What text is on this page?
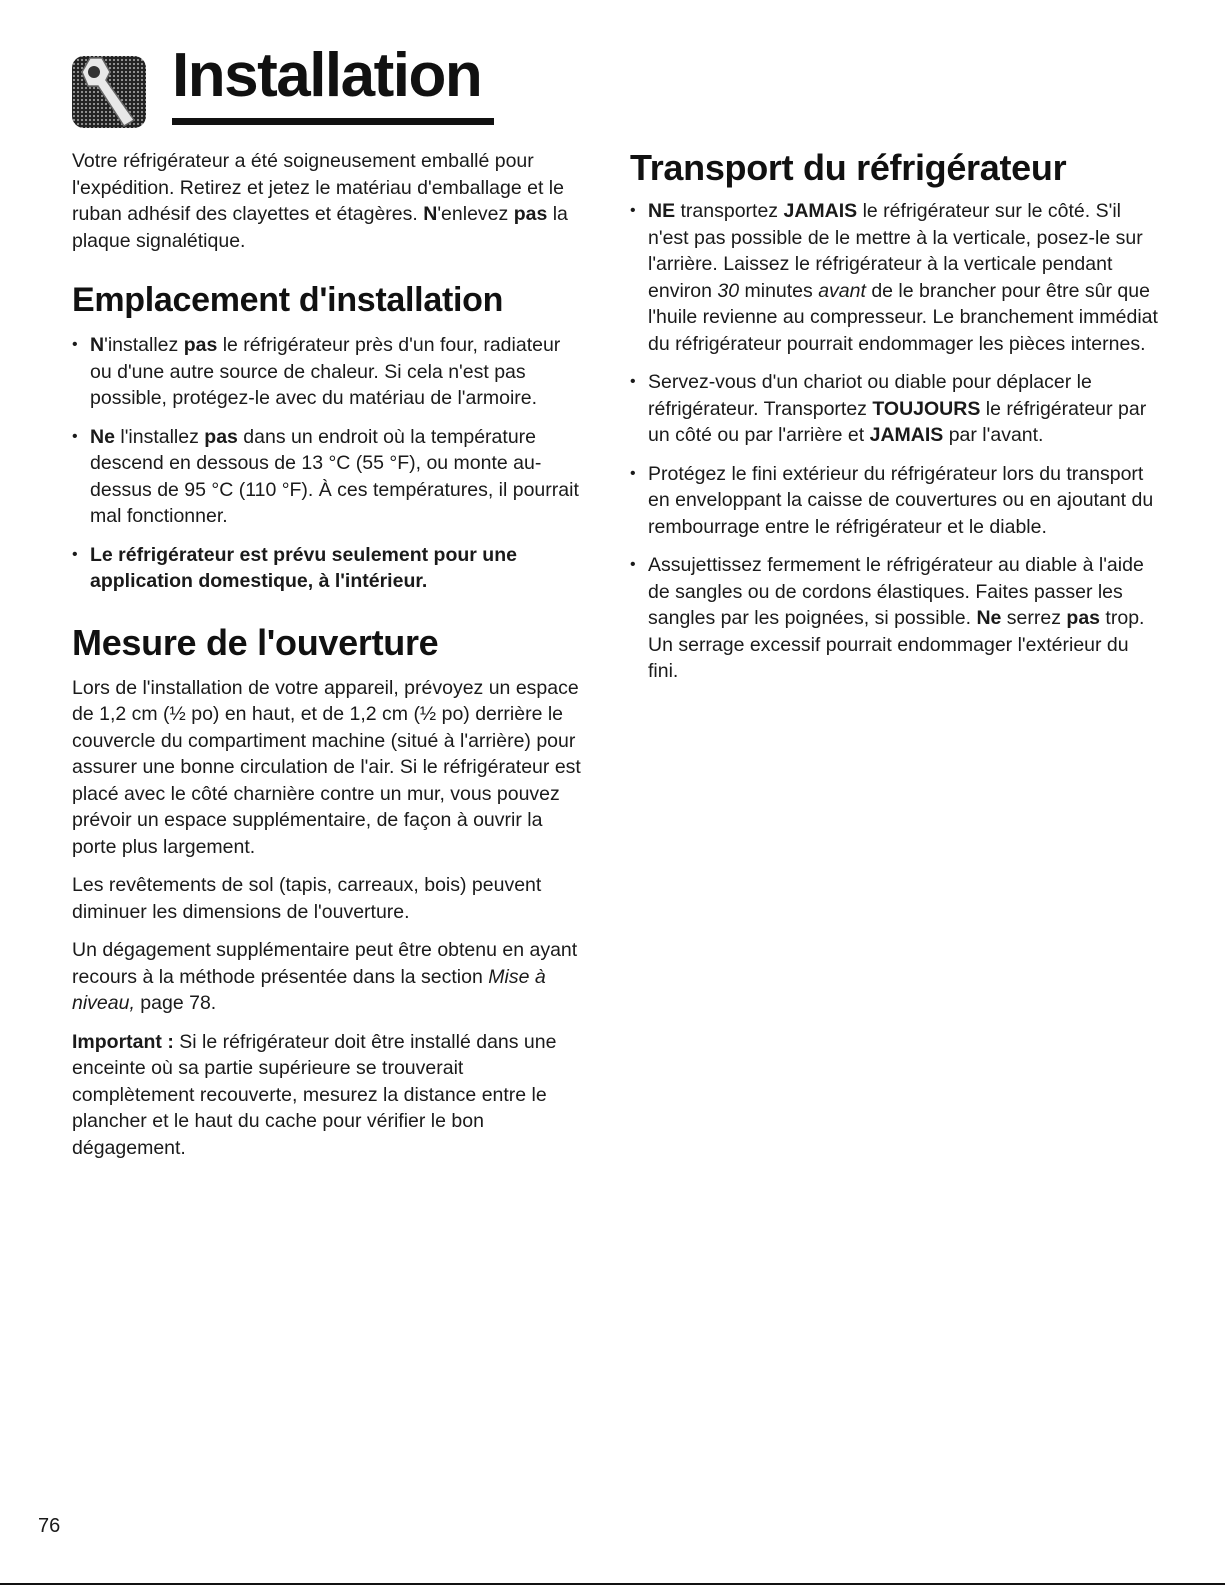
Installation

Votre réfrigérateur a été soigneusement emballé pour l'expédition. Retirez et jetez le matériau d'emballage et le ruban adhésif des clayettes et étagères. N'enlevez pas la plaque signalétique.

Emplacement d'installation
• N'installez pas le réfrigérateur près d'un four, radiateur ou d'une autre source de chaleur. Si cela n'est pas possible, protégez-le avec du matériau de l'armoire.
• Ne l'installez pas dans un endroit où la température descend en dessous de 13 °C (55 °F), ou monte au-dessus de 95 °C (110 °F). À ces températures, il pourrait mal fonctionner.
• Le réfrigérateur est prévu seulement pour une application domestique, à l'intérieur.
Mesure de l'ouverture

Lors de l'installation de votre appareil, prévoyez un espace de 1,2 cm (½ po) en haut, et de 1,2 cm (½ po) derrière le couvercle du compartiment machine (situé à l'arrière) pour assurer une bonne circulation de l'air. Si le réfrigérateur est placé avec le côté charnière contre un mur, vous pouvez prévoir un espace supplémentaire, de façon à ouvrir la porte plus largement.

Les revêtements de sol (tapis, carreaux, bois) peuvent diminuer les dimensions de l'ouverture.

Un dégagement supplémentaire peut être obtenu en ayant recours à la méthode présentée dans la section Mise à niveau, page 78.

Important : Si le réfrigérateur doit être installé dans une enceinte où sa partie supérieure se trouverait complètement recouverte, mesurez la distance entre le plancher et le haut du cache pour vérifier le bon dégagement.

Transport du réfrigérateur
• NE transportez JAMAIS le réfrigérateur sur le côté. S'il n'est pas possible de le mettre à la verticale, posez-le sur l'arrière. Laissez le réfrigérateur à la verticale pendant environ 30 minutes avant de le brancher pour être sûr que l'huile revienne au compresseur. Le branchement immédiat du réfrigérateur pourrait endommager les pièces internes.
• Servez-vous d'un chariot ou diable pour déplacer le réfrigérateur. Transportez TOUJOURS le réfrigérateur par un côté ou par l'arrière et JAMAIS par l'avant.
• Protégez le fini extérieur du réfrigérateur lors du transport en enveloppant la caisse de couvertures ou en ajoutant du rembourrage entre le réfrigérateur et le diable.
• Assujettissez fermement le réfrigérateur au diable à l'aide de sangles ou de cordons élastiques. Faites passer les sangles par les poignées, si possible. Ne serrez pas trop. Un serrage excessif pourrait endommager l'extérieur du fini.
76
